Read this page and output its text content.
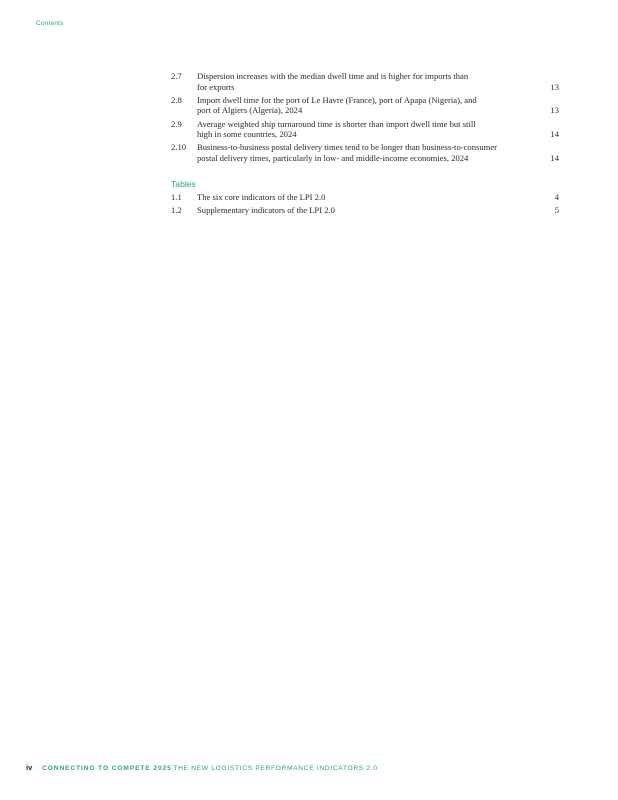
Contents
2.7	Dispersion increases with the median dwell time and is higher for imports than
for exports	13
2.8	Import dwell time for the port of Le Havre (France), port of Apapa (Nigeria), and
port of Algiers (Algeria), 2024	13
2.9	Average weighted ship turnaround time is shorter than import dwell time but still
high in some countries, 2024	14
2.10	Business-to-business postal delivery times tend to be longer than business-to-consumer
postal delivery times, particularly in low- and middle-income economies, 2024	14
Tables
1.1	The six core indicators of the LPI 2.0	4
1.2	Supplementary indicators of the LPI 2.0	5
iv CONNECTING TO COMPETE 2025 THE NEW LOGISTICS PERFORMANCE INDICATORS 2.0
